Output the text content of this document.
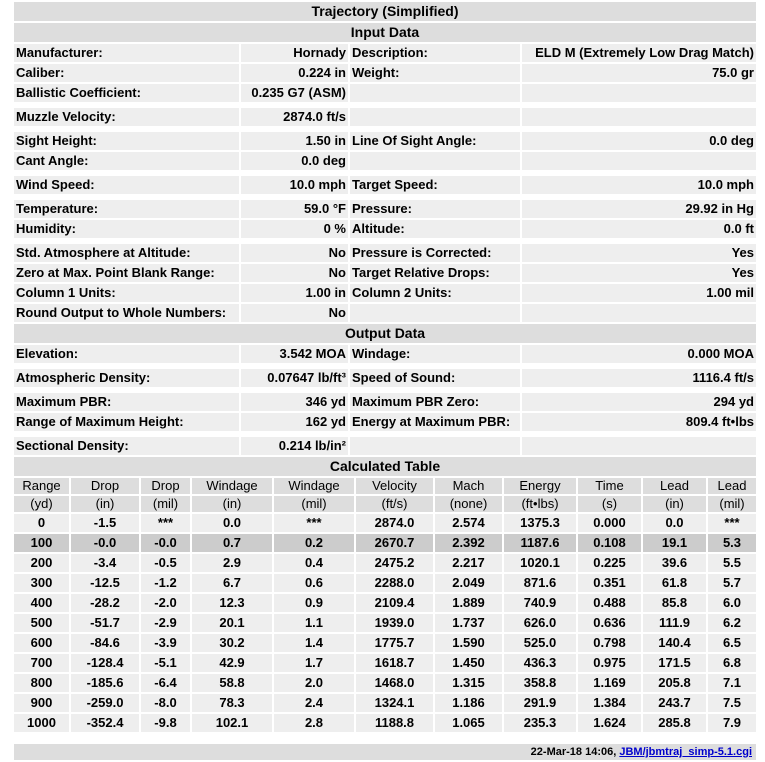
Trajectory (Simplified)			
Input Data			
Manufacturer:	Hornady	Description:	ELD M (Extremely Low Drag Match)
Caliber:	0.224 in	Weight:	75.0 gr
Ballistic Coefficient:	0.235 G7 (ASM)		

Muzzle Velocity:	2874.0 ft/s		

Sight Height:	1.50 in	Line Of Sight Angle:	0.0 deg
Cant Angle:	0.0 deg		

Wind Speed:	10.0 mph	Target Speed:	10.0 mph

Temperature:	59.0 °F	Pressure:	29.92 in Hg
Humidity:	0 %	Altitude:	0.0 ft

Std. Atmosphere at Altitude:	No	Pressure is Corrected:	Yes
Zero at Max. Point Blank Range:	No	Target Relative Drops:	Yes
Column 1 Units:	1.00 in	Column 2 Units:	1.00 mil
Round Output to Whole Numbers:	No		
Output Data			
Elevation:	3.542 MOA	Windage:	0.000 MOA

Atmospheric Density:	0.07647 lb/ft³	Speed of Sound:	1116.4 ft/s

Maximum PBR:	346 yd	Maximum PBR Zero:	294 yd
Range of Maximum Height:	162 yd	Energy at Maximum PBR:	809.4 ft•lbs

Sectional Density:	0.214 lb/in²		
Calculated Table										
Range	Drop	Drop	Windage	Windage	Velocity	Mach	Energy	Time	Lead	Lead
(yd)	(in)	(mil)	(in)	(mil)	(ft/s)	(none)	(ft•lbs)	(s)	(in)	(mil)
0	-1.5	***	0.0	***	2874.0	2.574	1375.3	0.000	0.0	***
100	-0.0	-0.0	0.7	0.2	2670.7	2.392	1187.6	0.108	19.1	5.3
200	-3.4	-0.5	2.9	0.4	2475.2	2.217	1020.1	0.225	39.6	5.5
300	-12.5	-1.2	6.7	0.6	2288.0	2.049	871.6	0.351	61.8	5.7
400	-28.2	-2.0	12.3	0.9	2109.4	1.889	740.9	0.488	85.8	6.0
500	-51.7	-2.9	20.1	1.1	1939.0	1.737	626.0	0.636	111.9	6.2
600	-84.6	-3.9	30.2	1.4	1775.7	1.590	525.0	0.798	140.4	6.5
700	-128.4	-5.1	42.9	1.7	1618.7	1.450	436.3	0.975	171.5	6.8
800	-185.6	-6.4	58.8	2.0	1468.0	1.315	358.8	1.169	205.8	7.1
900	-259.0	-8.0	78.3	2.4	1324.1	1.186	291.9	1.384	243.7	7.5
1000	-352.4	-9.8	102.1	2.8	1188.8	1.065	235.3	1.624	285.8	7.9
22-Mar-18 14:06, JBM/jbmtraj_simp-5.1.cgi
